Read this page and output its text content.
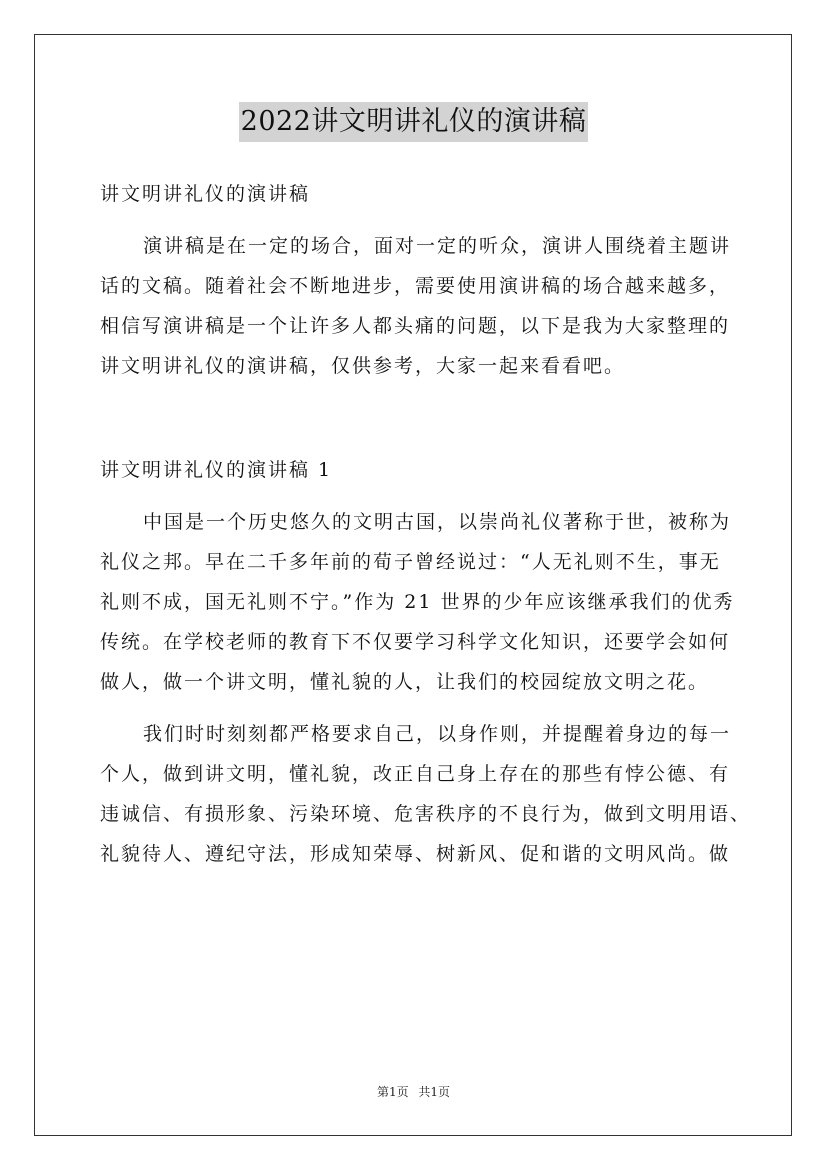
2022讲文明讲礼仪的演讲稿
讲文明讲礼仪的演讲稿
演讲稿是在一定的场合，面对一定的听众，演讲人围绕着主题讲
话的文稿。随着社会不断地进步，需要使用演讲稿的场合越来越多，
相信写演讲稿是一个让许多人都头痛的问题，以下是我为大家整理的
讲文明讲礼仪的演讲稿，仅供参考，大家一起来看看吧。
讲文明讲礼仪的演讲稿 1
中国是一个历史悠久的文明古国，以崇尚礼仪著称于世，被称为
礼仪之邦。早在二千多年前的荀子曾经说过：“人无礼则不生，事无
礼则不成，国无礼则不宁。”作为 21 世界的少年应该继承我们的优秀
传统。在学校老师的教育下不仅要学习科学文化知识，还要学会如何
做人，做一个讲文明，懂礼貌的人，让我们的校园绽放文明之花。
我们时时刻刻都严格要求自己，以身作则，并提醒着身边的每一
个人，做到讲文明，懂礼貌，改正自己身上存在的那些有悖公德、有
违诚信、有损形象、污染环境、危害秩序的不良行为，做到文明用语、
礼貌待人、遵纪守法，形成知荣辱、树新风、促和谐的文明风尚。做
第1页 共1页
